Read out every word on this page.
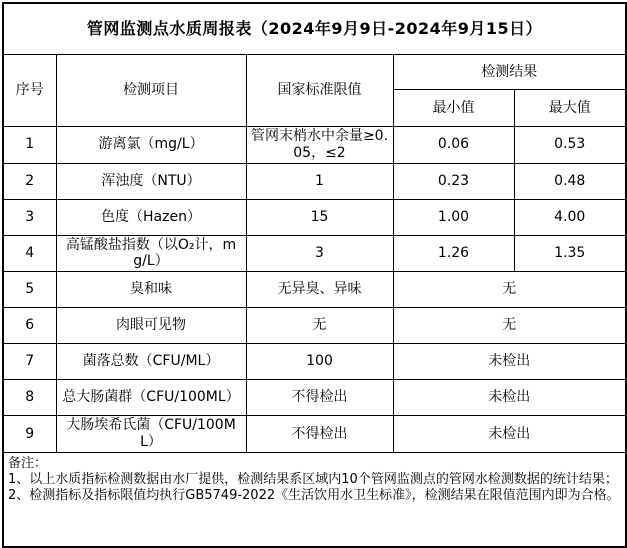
管网监测点水质周报表（2024年9月9日-2024年9月15日）				
序号	检测项目	国家标准限值	检测结果	
			最小值	最大值
1	游离氯（mg/L）	管网末梢水中余量≥0.05，≤2	0.06	0.53
2	浑浊度（NTU）	1	0.23	0.48
3	色度（Hazen）	15	1.00	4.00
4	高锰酸盐指数（以O₂计，mg/L）	3	1.26	1.35
5	臭和味	无异臭、异味	无	
6	肉眼可见物	无	无	
7	菌落总数（CFU/ML）	100	未检出	
8	总大肠菌群（CFU/100ML）	不得检出	未检出	
9	大肠埃希氏菌（CFU/100ML）	不得检出	未检出	

备注：
1、以上水质指标检测数据由水厂提供，检测结果系区域内10个管网监测点的管网水检测数据的统计结果；
2、检测指标及指标限值均执行GB5749-2022《生活饮用水卫生标准》，检测结果在限值范围内即为合格。				
